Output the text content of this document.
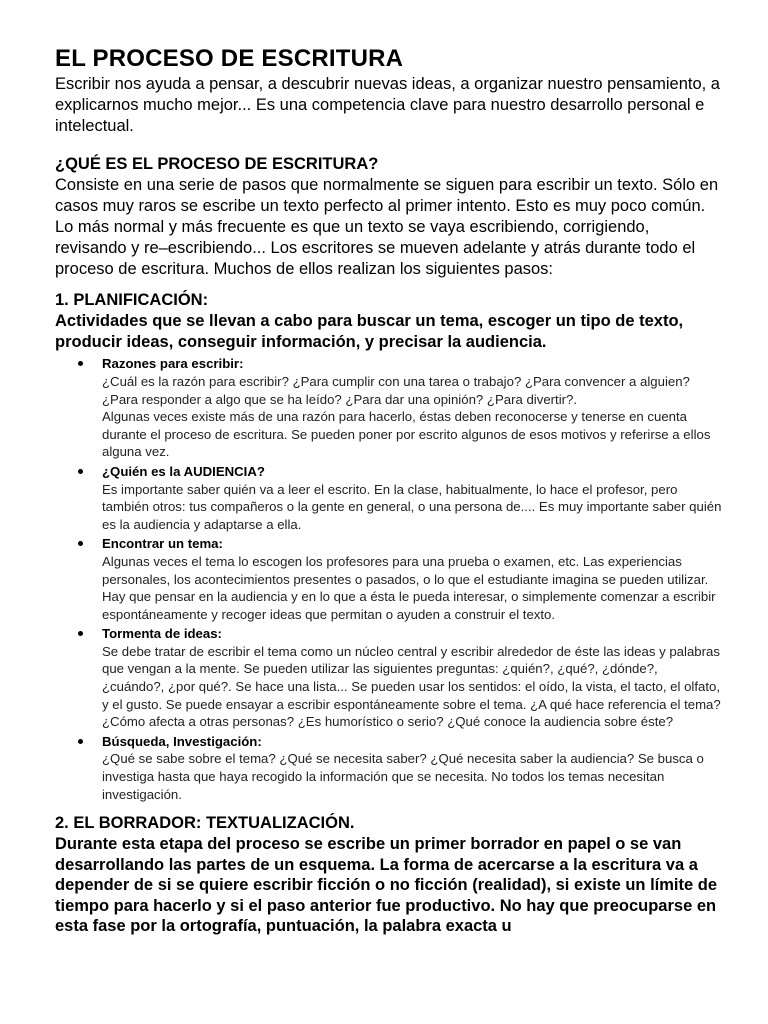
EL PROCESO DE ESCRITURA

Escribir nos ayuda a pensar, a descubrir nuevas ideas, a organizar nuestro pensamiento, a explicarnos mucho mejor... Es una competencia clave para nuestro desarrollo personal e intelectual.

¿QUÉ ES EL PROCESO DE ESCRITURA?

Consiste en una serie de pasos que normalmente se siguen para escribir un texto. Sólo en casos muy raros se escribe un texto perfecto al primer intento. Esto es muy poco común. Lo más normal y más frecuente es que un texto se vaya escribiendo, corrigiendo, revisando y re–escribiendo... Los escritores se mueven adelante y atrás durante todo el proceso de escritura. Muchos de ellos realizan los siguientes pasos:

1. PLANIFICACIÓN:

Actividades que se llevan a cabo para buscar un tema, escoger un tipo de texto, producir ideas, conseguir información, y precisar la audiencia.

Razones para escribir:
¿Cuál es la razón para escribir? ¿Para cumplir con una tarea o trabajo? ¿Para convencer a alguien? ¿Para responder a algo que se ha leído? ¿Para dar una opinión? ¿Para divertir?.
Algunas veces existe más de una razón para hacerlo, éstas deben reconocerse y tenerse en cuenta durante el proceso de escritura. Se pueden poner por escrito algunos de esos motivos y referirse a ellos alguna vez.
¿Quién es la AUDIENCIA?
Es importante saber quién va a leer el escrito. En la clase, habitualmente, lo hace el profesor, pero también otros: tus compañeros o la gente en general, o una persona de.... Es muy importante saber quién es la audiencia y adaptarse a ella.
Encontrar un tema:
Algunas veces el tema lo escogen los profesores para una prueba o examen, etc. Las experiencias personales, los acontecimientos presentes o pasados, o lo que el estudiante imagina se pueden utilizar. Hay que pensar en la audiencia y en lo que a ésta le pueda interesar, o simplemente comenzar a escribir espontáneamente y recoger ideas que permitan o ayuden a construir el texto.
Tormenta de ideas:
Se debe tratar de escribir el tema como un núcleo central y escribir alrededor de éste las ideas y palabras que vengan a la mente. Se pueden utilizar las siguientes preguntas: ¿quién?, ¿qué?, ¿dónde?, ¿cuándo?, ¿por qué?. Se hace una lista... Se pueden usar los sentidos: el oído, la vista, el tacto, el olfato, y el gusto. Se puede ensayar a escribir espontáneamente sobre el tema. ¿A qué hace referencia el tema? ¿Cómo afecta a otras personas? ¿Es humorístico o serio? ¿Qué conoce la audiencia sobre éste?
Búsqueda, Investigación:
¿Qué se sabe sobre el tema? ¿Qué se necesita saber? ¿Qué necesita saber la audiencia? Se busca o investiga hasta que haya recogido la información que se necesita. No todos los temas necesitan investigación.
2. EL BORRADOR: TEXTUALIZACIÓN.

Durante esta etapa del proceso se escribe un primer borrador en papel o se van desarrollando las partes de un esquema. La forma de acercarse a la escritura va a depender de si se quiere escribir ficción o no ficción (realidad), si existe un límite de tiempo para hacerlo y si el paso anterior fue productivo. No hay que preocuparse en esta fase por la ortografía, puntuación, la palabra exacta u
